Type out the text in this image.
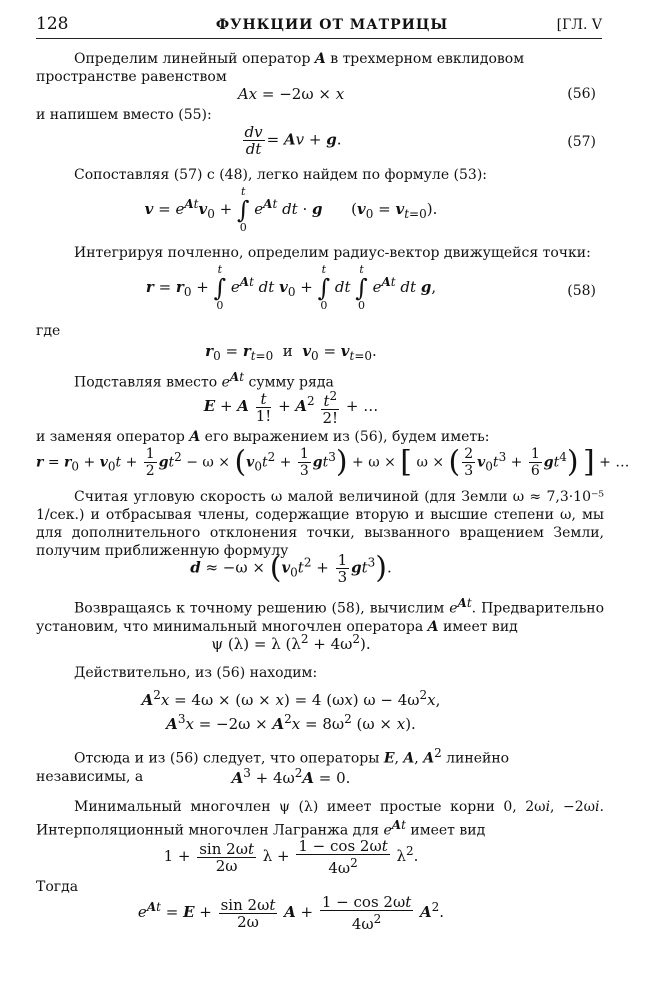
128	ФУНКЦИИ ОТ МАТРИЦЫ	[ГЛ. V
Определим линейный оператор A в трехмерном евклидовом пространстве равенством
Ax = −2ω × x	(56)
и напишем вместо (55):
$\frac{dv}{dt} = Av + g$.	(57)
Сопоставляя (57) с (48), легко найдем по формуле (53):
$v = e^{At}v_0 + t$
∫
0 $e^{At}$ dt · g      $(v_0 = v_{t=0})$.
Интегрируя почленно, определим радиус-вектор движущейся точки:
$r = r_0 + t$
∫
0 $e^{At}$ dt $v_0 + t$
∫
0 dt t
∫
0 $e^{At}$ dt g,	(58)
где
$r_0 = r_{t=0}$  и  $v_0 = v_{t=0}$.
Подставляя вместо $e^{At}$ сумму ряда
E + A $\frac{t}{1!} + A^2 \frac{t^2}{2!}$ + …
и заменяя оператор A его выражением из (56), будем иметь:
$r = r_0 + v_0t + \frac{1}{2} gt^2 - \omega \times (v_0t^2 + \frac{1}{3} gt^3) + \omega$ × [ ω × ( $\frac{2}{3} v_0t^3 + \frac{1}{6} gt^4$) ] + …
Считая угловую скорость ω малой величиной (для Земли ω ≈ 7,3·10⁻⁵ 1/сек.) и отбрасывая члены, содержащие вторую и высшие степени ω, мы для дополнительного отклонения точки, вызванного вращением Земли, получим приближенную формулу
$d \approx -\omega \times (v_0t^2 + \frac{1}{3} gt^3)$.
Возвращаясь к точному решению (58), вычислим $e^{At}$. Предварительно установим, что минимальный многочлен оператора A имеет вид
ψ (λ) = λ $(\lambda^2 + 4\omega^2)$.
Действительно, из (56) находим:
$A^2x = 4\omega \times (\omega \times x) = 4$ (ωx) $\omega - 4\omega^2x$,
$A^3x = -2\omega \times A^2x = 8\omega^2$ (ω × x).
Отсюда и из (56) следует, что операторы E, A, $A^2$ линейно независимы, а	$A^3 + 4\omega^2A = 0$.
Минимальный многочлен ψ (λ) имеет простые корни 0, 2ωi, −2ωi. Интерполяционный многочлен Лагранжа для $e^{At}$ имеет вид
$1 + \frac{\sin 2\omega t}{2\omega}$ $\lambda + \frac{1 - \cos 2\omega t}{4\omega^2} \lambda^2$.
Тогда
$e^{At} = E + \frac{\sin 2\omega t}{2\omega}$ $A + \frac{1 - \cos 2\omega t}{4\omega^2} A^2$.
